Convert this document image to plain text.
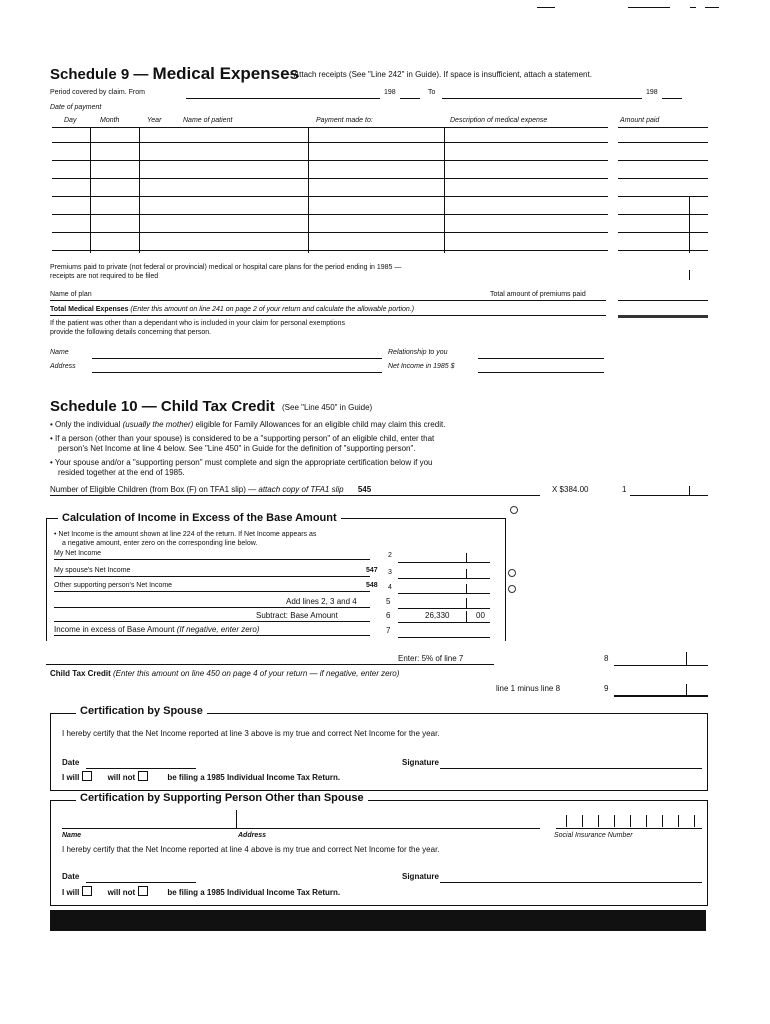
Schedule 9 — Medical Expenses
— Attach receipts (See "Line 242" in Guide). If space is insufficient, attach a statement.
Period covered by claim. From	198	To	198
Date of payment
Day	Month	Year	Name of patient	Payment made to:	Description of medical expense	Amount paid
Premiums paid to private (not federal or provincial) medical or hospital care plans for the period ending in 1985 —
receipts are not required to be filed
Name of plan	Total amount of premiums paid
Total Medical Expenses (Enter this amount on line 241 on page 2 of your return and calculate the allowable portion.)
If the patient was other than a dependant who is included in your claim for personal exemptions
provide the following details concerning that person.
Name	Relationship to you
Address	Net Income in 1985 $
Schedule 10 — Child Tax Credit (See "Line 450" in Guide)
• Only the individual (usually the mother) eligible for Family Allowances for an eligible child may claim this credit.
• If a person (other than your spouse) is considered to be a "supporting person" of an eligible child, enter that
person's Net Income at line 4 below. See "Line 450" in Guide for the definition of "supporting person".
• Your spouse and/or a "supporting person" must complete and sign the appropriate certification below if you
resided together at the end of 1985.
Number of Eligible Children (from Box (F) on TFA1 slip) — attach copy of TFA1 slip 545	X $384.00	1
Calculation of Income in Excess of the Base Amount
• Net Income is the amount shown at line 224 of the return. If Net Income appears as
a negative amount, enter zero on the corresponding line below.
My Net Income	2
My spouse's Net Income	547 3
Other supporting person's Net Income	548 4
Add lines 2, 3 and 4	5
Subtract: Base Amount	6	26,330	00
Income in excess of Base Amount (If negative, enter zero)	7
Enter: 5% of line 7	8
Child Tax Credit (Enter this amount on line 450 on page 4 of your return — if negative, enter zero)
line 1 minus line 8	9
Certification by Spouse
I hereby certify that the Net Income reported at line 3 above is my true and correct Net Income for the year.
Date	Signature
I will	will not	be filing a 1985 Individual Income Tax Return.
Certification by Supporting Person Other than Spouse
Name	Address	Social Insurance Number
I hereby certify that the Net Income reported at line 4 above is my true and correct Net Income for the year.
Date	Signature
I will	will not	be filing a 1985 Individual Income Tax Return.
